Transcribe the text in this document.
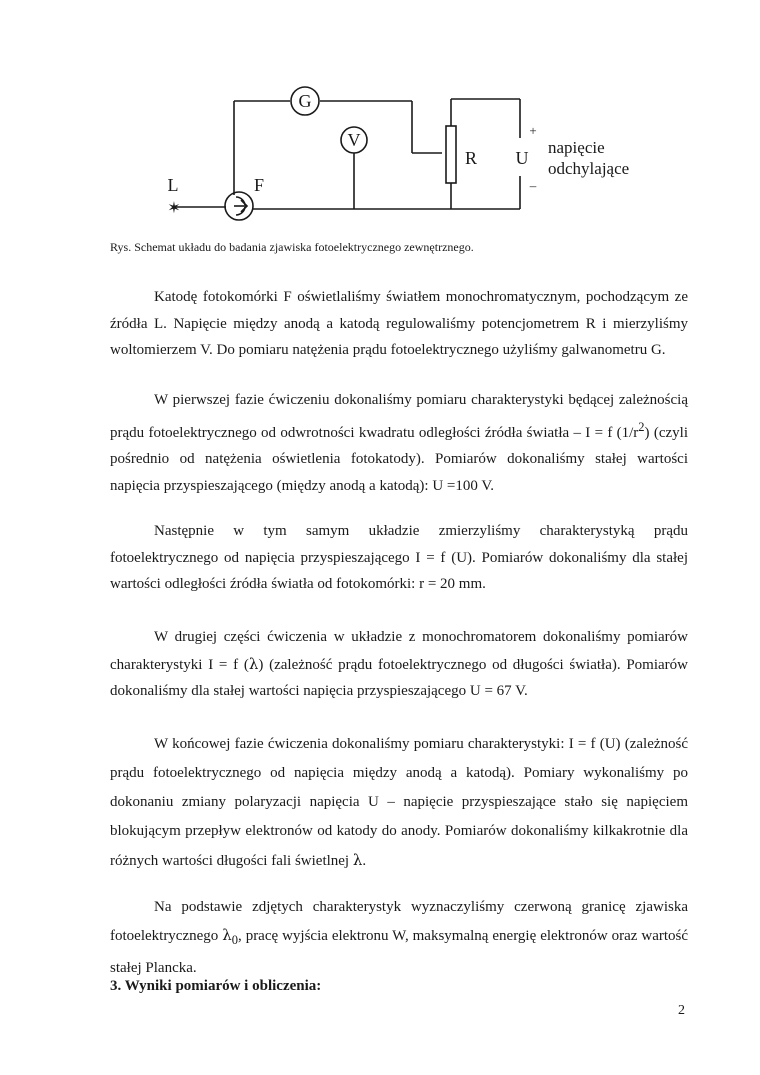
G
V
R U
+
–
L
✶
F
napięcie
odchylające
Rys. Schemat układu do badania zjawiska fotoelektrycznego zewnętrznego.

Katodę fotokomórki F oświetlaliśmy światłem monochromatycznym, pochodzącym ze źródła L. Napięcie między anodą a katodą regulowaliśmy potencjometrem R i mierzyliśmy woltomierzem V. Do pomiaru natężenia prądu fotoelektrycznego użyliśmy galwanometru G.

W pierwszej fazie ćwiczeniu dokonaliśmy pomiaru charakterystyki będącej zależnością prądu fotoelektrycznego od odwrotności kwadratu odległości źródła światła – I = f $(1/r^2)$ (czyli pośrednio od natężenia oświetlenia fotokatody). Pomiarów dokonaliśmy stałej wartości napięcia przyspieszającego (między anodą a katodą): U =100 V.

Następnie w tym samym układzie zmierzyliśmy charakterystyką prądu fotoelektrycznego od napięcia przyspieszającego I = f (U). Pomiarów dokonaliśmy dla stałej wartości odległości źródła światła od fotokomórki: r = 20 mm.

W drugiej części ćwiczenia w układzie z monochromatorem dokonaliśmy pomiarów charakterystyki I = f (λ) (zależność prądu fotoelektrycznego od długości światła). Pomiarów dokonaliśmy dla stałej wartości napięcia przyspieszającego U = 67 V.

W końcowej fazie ćwiczenia dokonaliśmy pomiaru charakterystyki: I = f (U) (zależność prądu fotoelektrycznego od napięcia między anodą a katodą). Pomiary wykonaliśmy po dokonaniu zmiany polaryzacji napięcia U – napięcie przyspieszające stało się napięciem blokującym przepływ elektronów od katody do anody. Pomiarów dokonaliśmy kilkakrotnie dla różnych wartości długości fali świetlnej λ.

Na podstawie zdjętych charakterystyk wyznaczyliśmy czerwoną granicę zjawiska fotoelektrycznego $\lambda_0$, pracę wyjścia elektronu W, maksymalną energię elektronów oraz wartość stałej Plancka.

3. Wyniki pomiarów i obliczenia:
2
